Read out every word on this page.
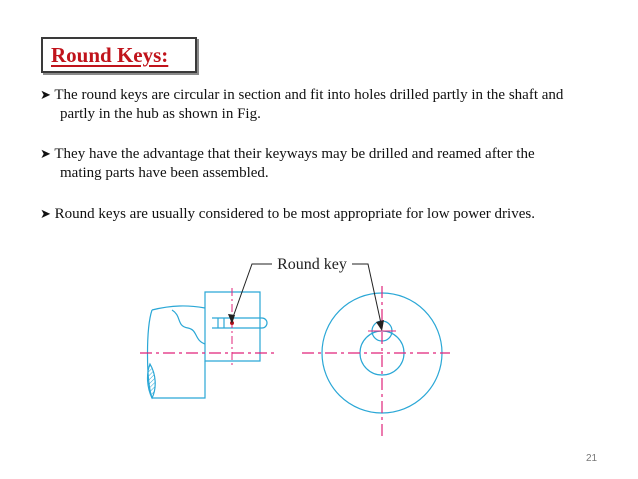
Round Keys:
➤ The round keys are circular in section and fit into holes drilled partly in the shaft and
partly in the hub as shown in Fig.
➤ They have the advantage that their keyways may be drilled and reamed after the
mating parts have been assembled.
➤ Round keys are usually considered to be most appropriate for low power drives.
Round key
21
